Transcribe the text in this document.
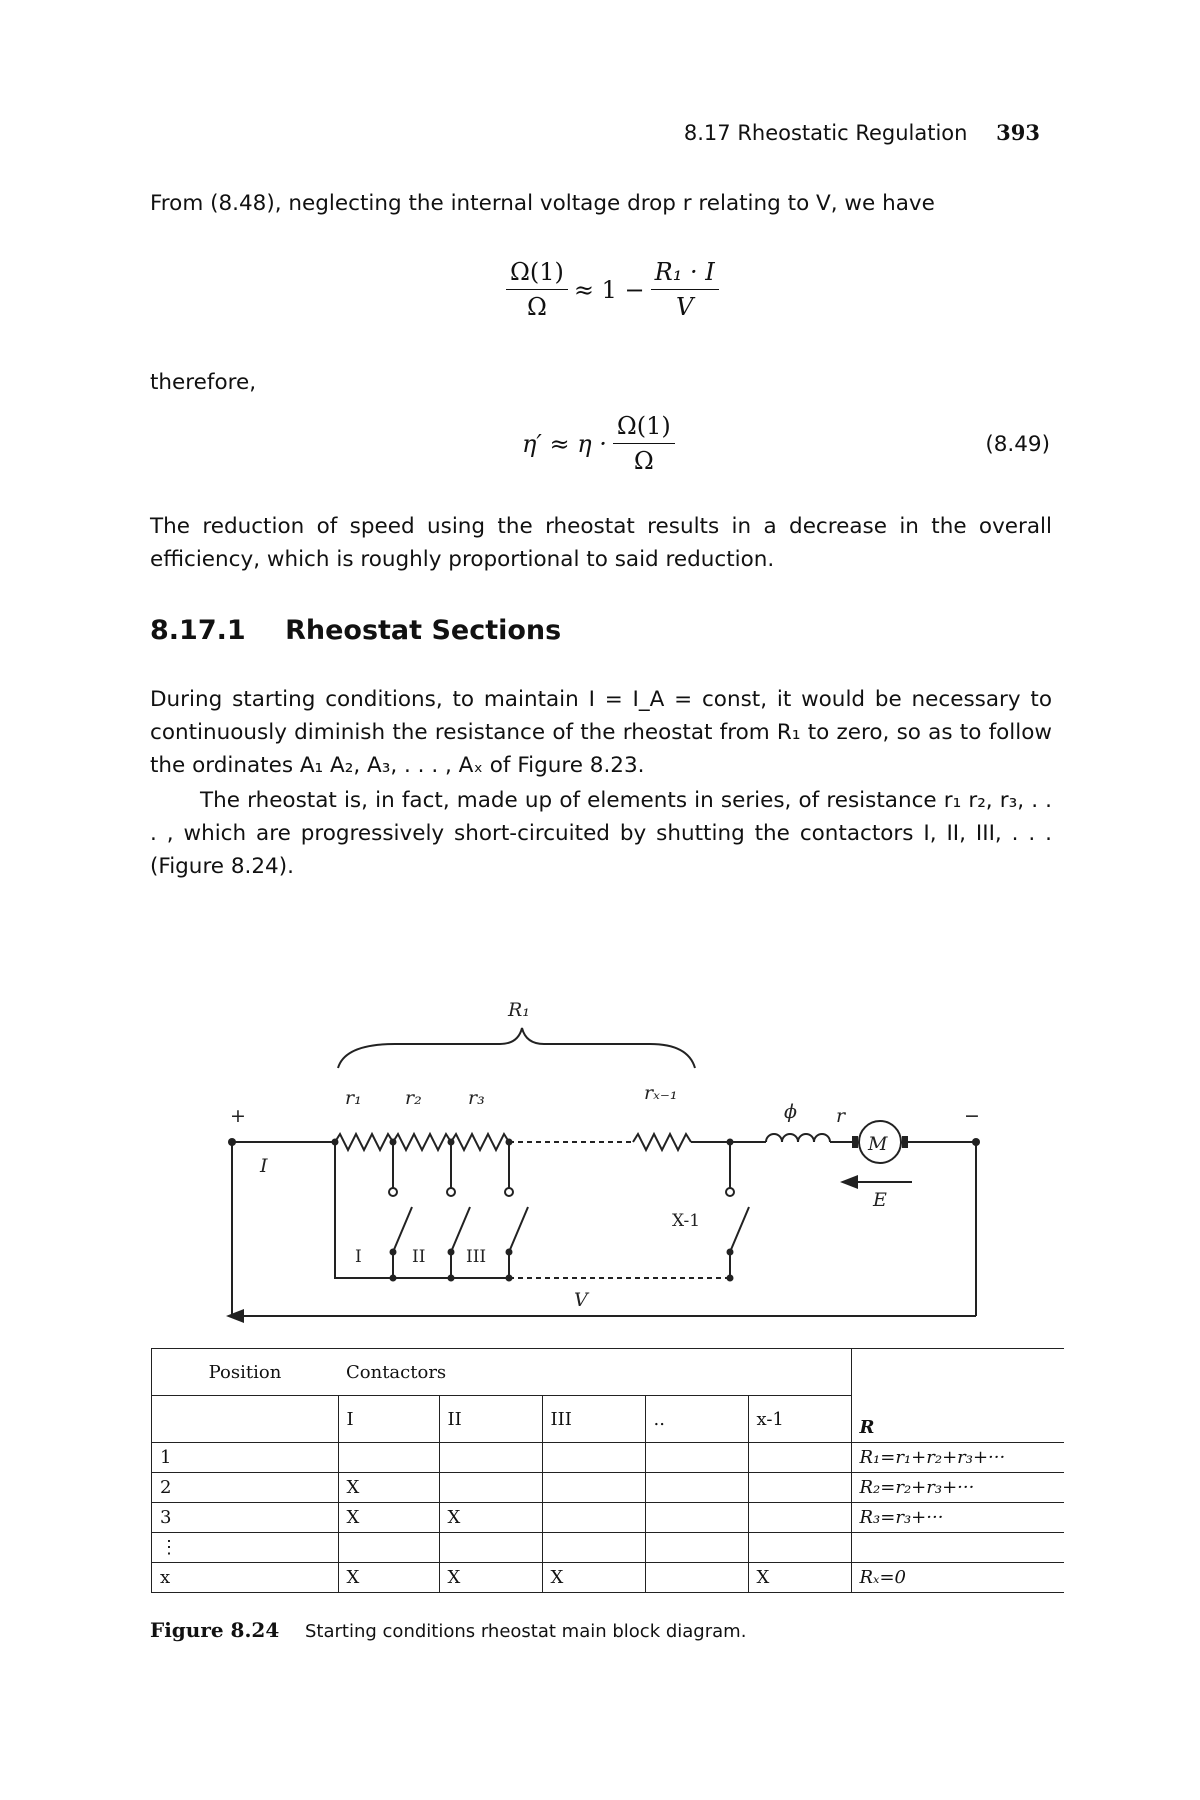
8.17 Rheostatic Regulation 393
From (8.48), neglecting the internal voltage drop r relating to V, we have
$\frac{\Omega(1)}{\Omega} \approx 1 - \frac{\text{R₁ · I}}{V}$
therefore,
$\eta' \approx \eta \cdot \frac{\Omega(1)}{\Omega}$	(8.49)
The reduction of speed using the rheostat results in a decrease in the overall efficiency, which is roughly proportional to said reduction.
8.17.1 Rheostat Sections
During starting conditions, to maintain I = I_A = const, it would be necessary to continuously diminish the resistance of the rheostat from R₁ to zero, so as to follow the ordinates A₁ A₂, A₃, . . . , Aₓ of Figure 8.23.
The rheostat is, in fact, made up of elements in series, of resistance r₁ r₂, r₃, . . . , which are progressively short-circuited by shutting the contactors I, II, III, . . . (Figure 8.24).
R₁
r₁ r₂ r₃	rₓ₋₁
ϕ r
M
I
E
V
+	−
I	II III
X-1
Position	Contactors					R
	I	II	III	..	x-1	
1						R₁=r₁+r₂+r₃+···
2	X					R₂=r₂+r₃+···
3	X	X				R₃=r₃+···
⋮						
x	X	X	X		X	Rₓ=0
Figure 8.24 Starting conditions rheostat main block diagram.
